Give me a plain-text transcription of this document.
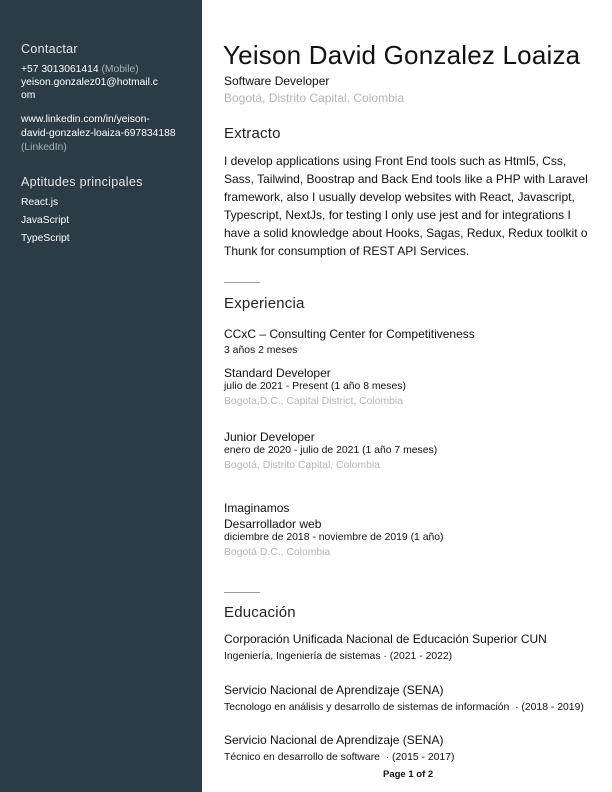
Contactar
+57 3013061414 (Mobile)
yeison.gonzalez01@hotmail.c
om
www.linkedin.com/in/yeison-
david-gonzalez-loaiza-697834188
(LinkedIn)
Aptitudes principales
React.js
JavaScript
TypeScript
Yeison David Gonzalez Loaiza
Software Developer
Bogotá, Distrito Capital, Colombia
Extracto
I develop applications using Front End tools such as Html5, Css, Sass, Tailwind, Boostrap and Back End tools like a PHP with Laravel framework, also I usually develop websites with React, Javascript, Typescript, NextJs, for testing I only use jest and for integrations I have a solid knowledge about Hooks, Sagas, Redux, Redux toolkit o Thunk for consumption of REST API Services.
Experiencia
CCxC – Consulting Center for Competitiveness
3 años 2 meses
Standard Developer
julio de 2021 - Present (1 año 8 meses)
Bogota,D.C., Capital District, Colombia
Junior Developer
enero de 2020 - julio de 2021 (1 año 7 meses)
Bogotá, Distrito Capital, Colombia
Imaginamos
Desarrollador web
diciembre de 2018 - noviembre de 2019 (1 año)
Bogotá D.C., Colombia
Educación
Corporación Unificada Nacional de Educación Superior CUN
Ingeniería, Ingeniería de sistemas · (2021 - 2022)
Servicio Nacional de Aprendizaje (SENA)
Tecnologo en análisis y desarrollo de sistemas de información  · (2018 - 2019)
Servicio Nacional de Aprendizaje (SENA)
Técnico en desarrollo de software  · (2015 - 2017)
Page 1 of 2
